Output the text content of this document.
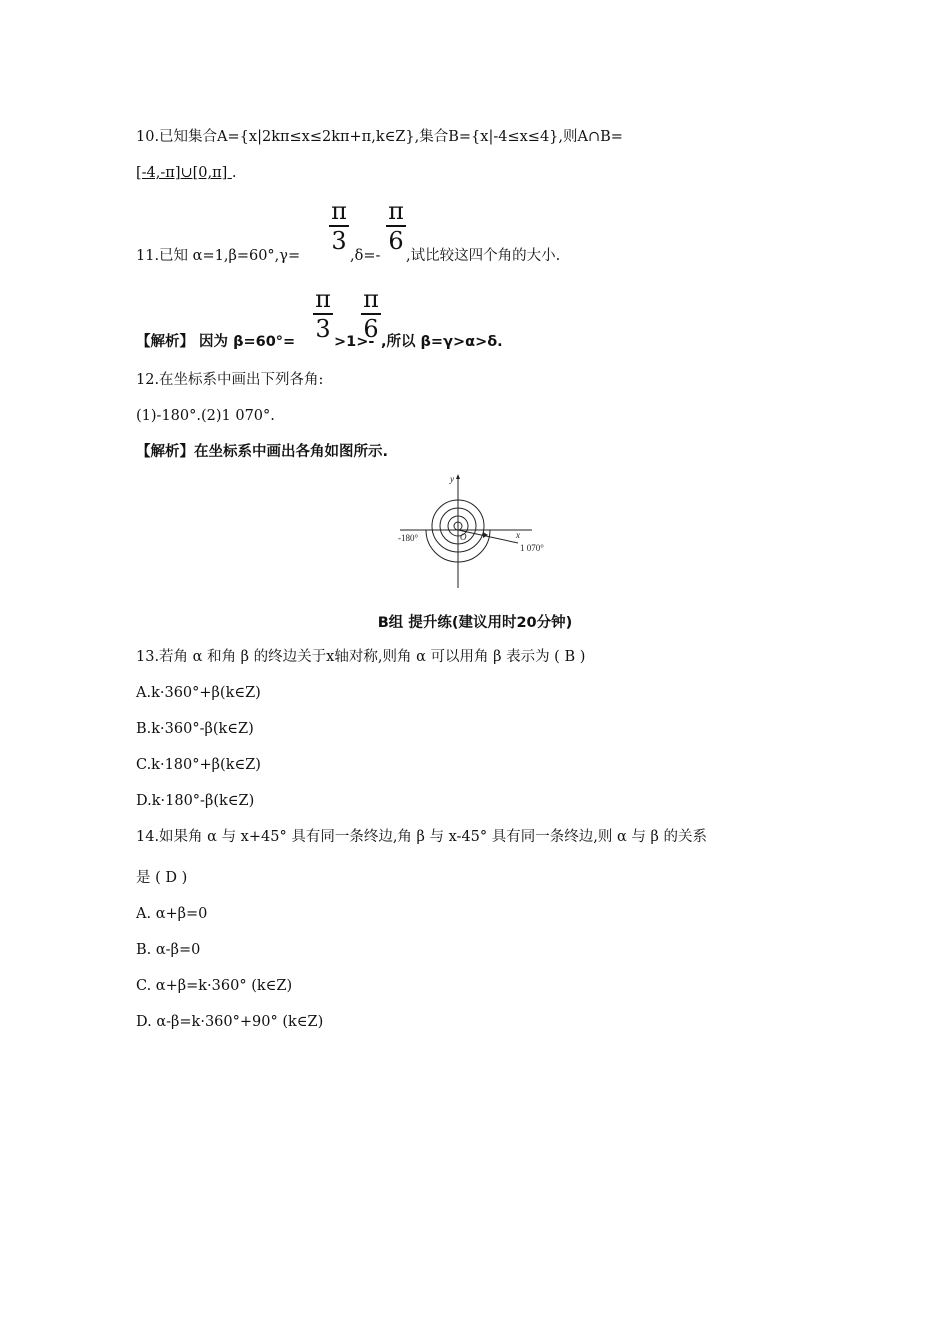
10.已知集合A={x|2kπ≤x≤2kπ+π,k∈Z},集合B={x|-4≤x≤4},则A∩B=
[-4,-π]∪[0,π] .
π
3
π
6
11.已知 α=1,β=60°,γ=	,δ=- ,试比较这四个角的大小.
π
3
π
6
【解析】 因为 β=60°=	>1>- ,所以 β=γ>α>δ.
12.在坐标系中画出下列各角:
(1)-180°.(2)1 070°.
【解析】在坐标系中画出各角如图所示.
y
x
O
-180°
1 070°
B组 提升练(建议用时20分钟)
13.若角 α 和角 β 的终边关于x轴对称,则角 α 可以用角 β 表示为 ( B )
A.k·360°+β(k∈Z)
B.k·360°-β(k∈Z)
C.k·180°+β(k∈Z)
D.k·180°-β(k∈Z)
14.如果角 α 与 x+45° 具有同一条终边,角 β 与 x-45° 具有同一条终边,则 α 与 β 的关系
是 ( D )
A. α+β=0
B. α-β=0
C. α+β=k·360° (k∈Z)
D. α-β=k·360°+90° (k∈Z)
